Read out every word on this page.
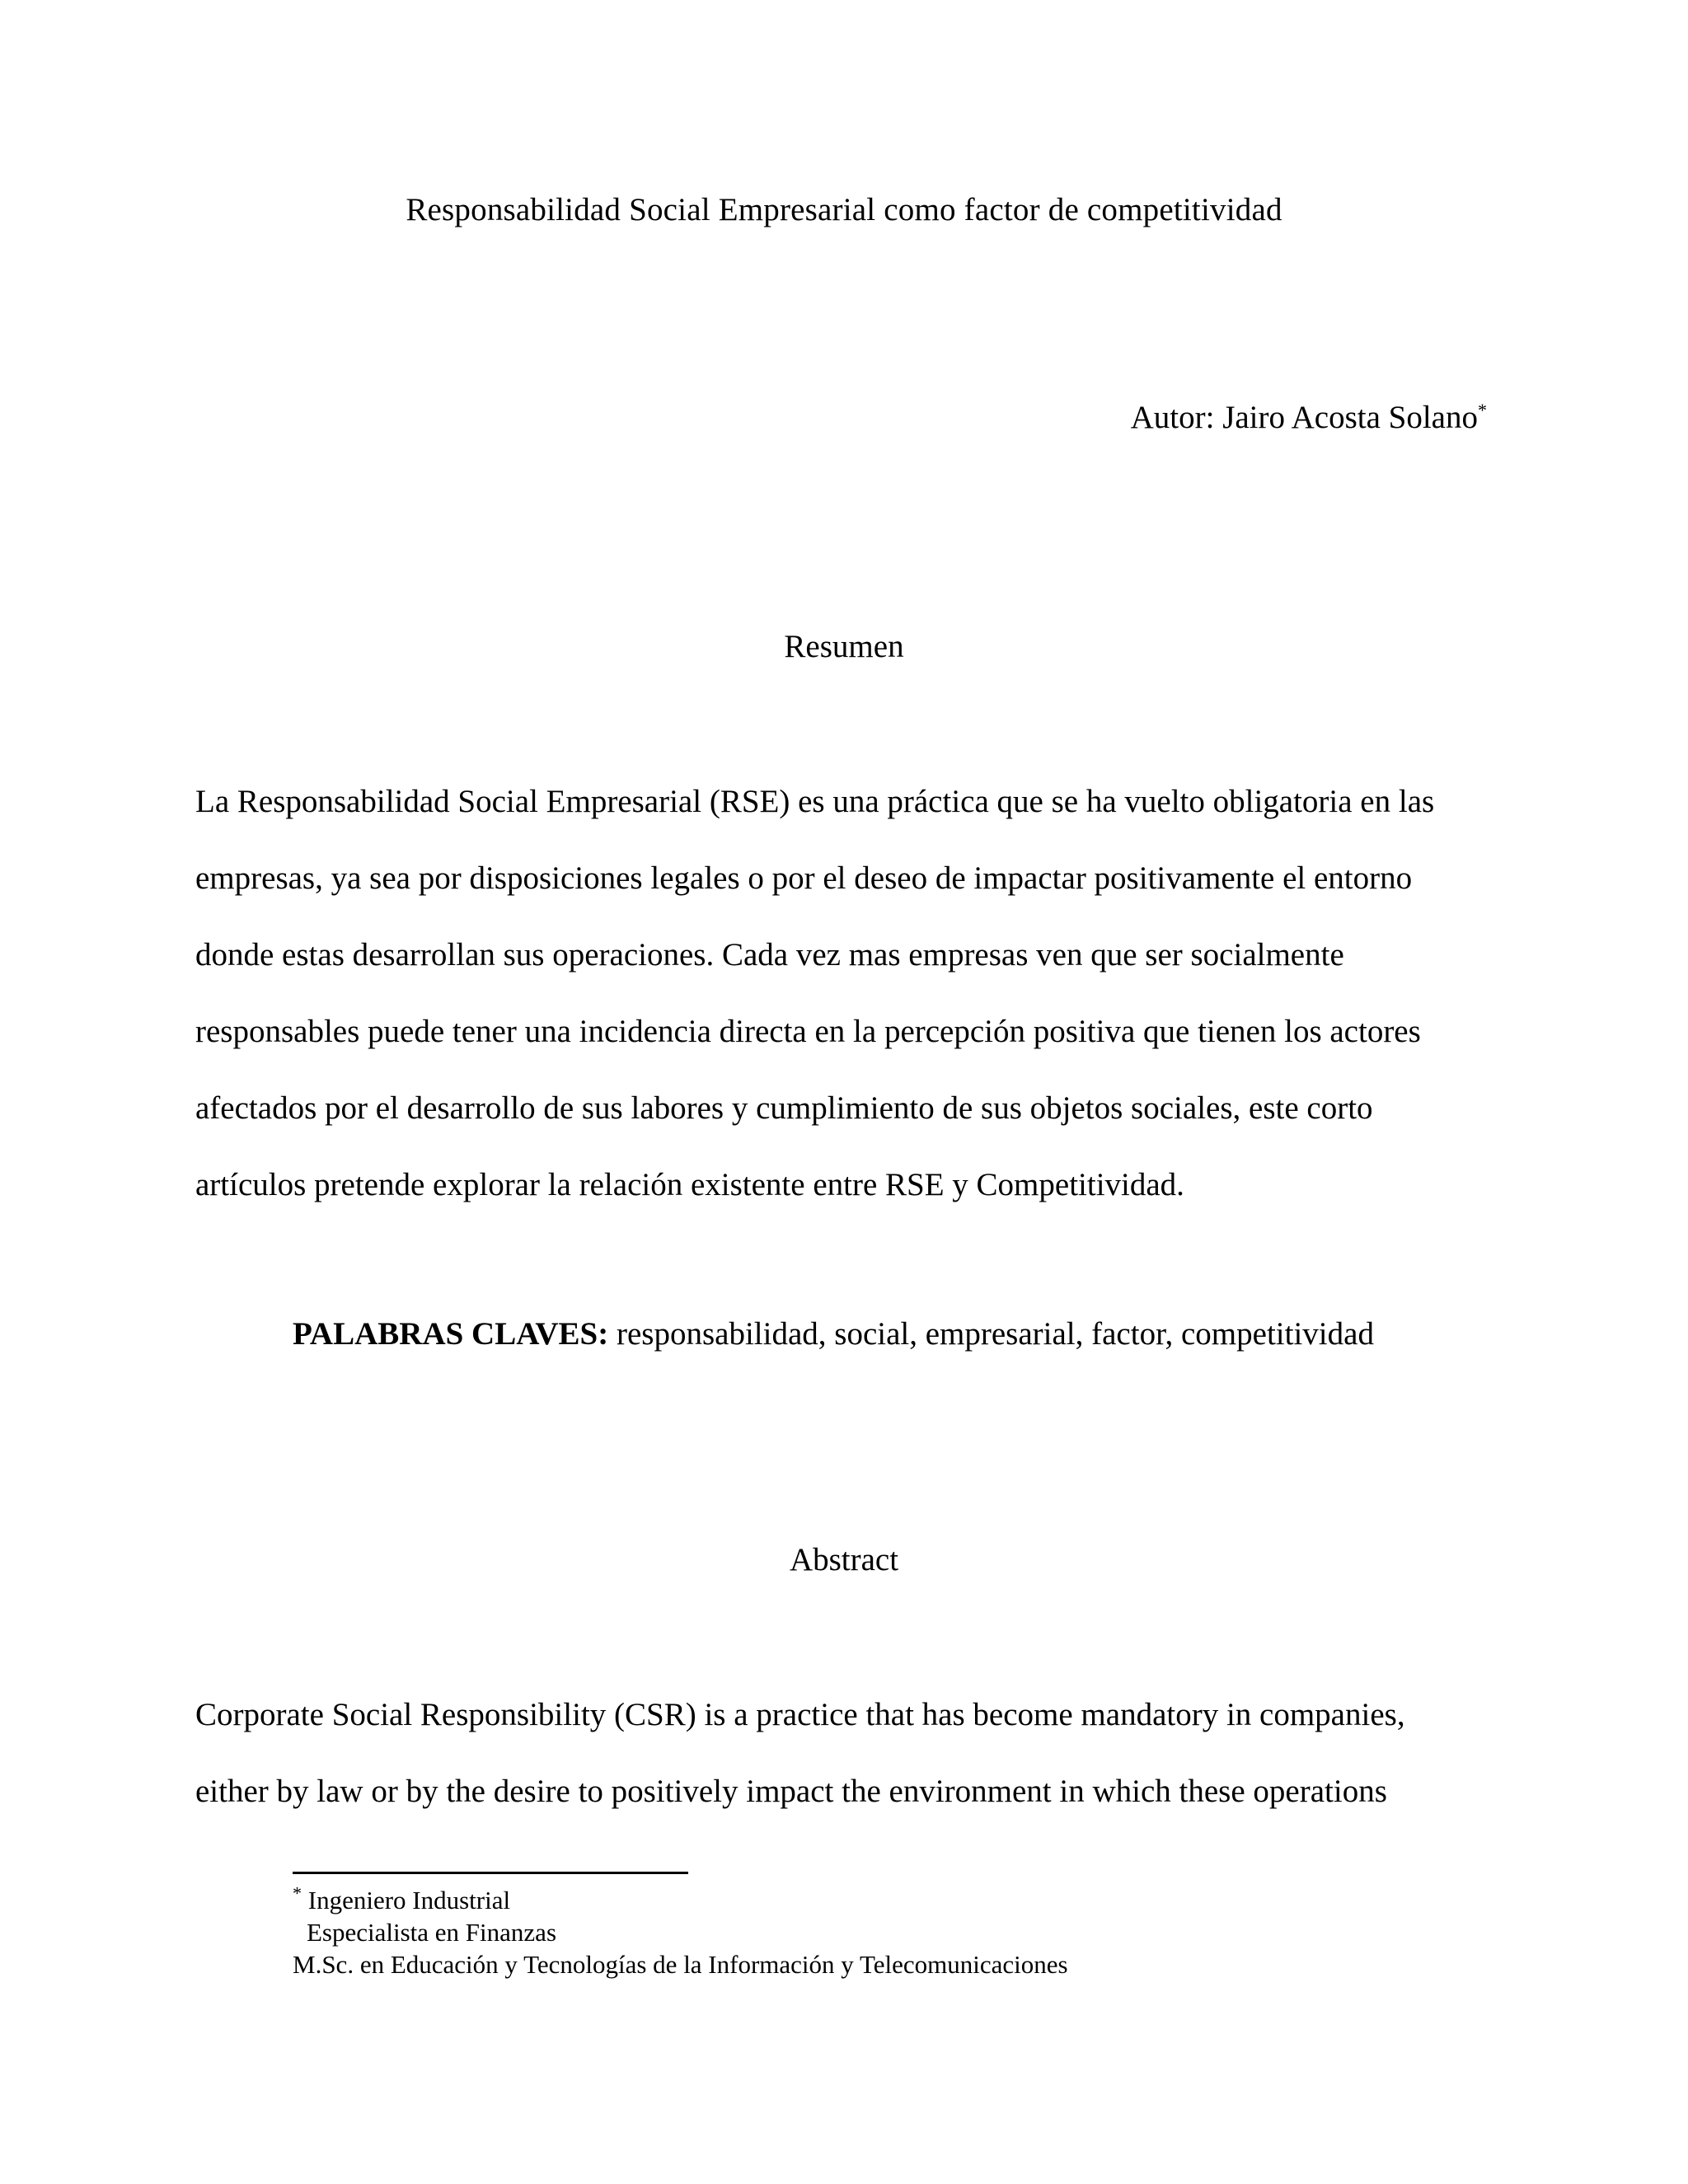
Responsabilidad Social Empresarial como factor de competitividad
Autor: Jairo Acosta Solano*
Resumen
La Responsabilidad Social Empresarial (RSE) es una práctica que se ha vuelto obligatoria en las
empresas, ya sea por disposiciones legales o por el deseo de impactar positivamente el entorno
donde estas desarrollan sus operaciones. Cada vez mas empresas ven que ser socialmente
responsables puede tener una incidencia directa en la percepción positiva que tienen los actores
afectados por el desarrollo de sus labores y cumplimiento de sus objetos sociales, este corto
artículos pretende explorar la relación existente entre RSE y Competitividad.
PALABRAS CLAVES: responsabilidad, social, empresarial, factor, competitividad
Abstract
Corporate Social Responsibility (CSR) is a practice that has become mandatory in companies,
either by law or by the desire to positively impact the environment in which these operations
* Ingeniero Industrial
Especialista en Finanzas
M.Sc. en Educación y Tecnologías de la Información y Telecomunicaciones
